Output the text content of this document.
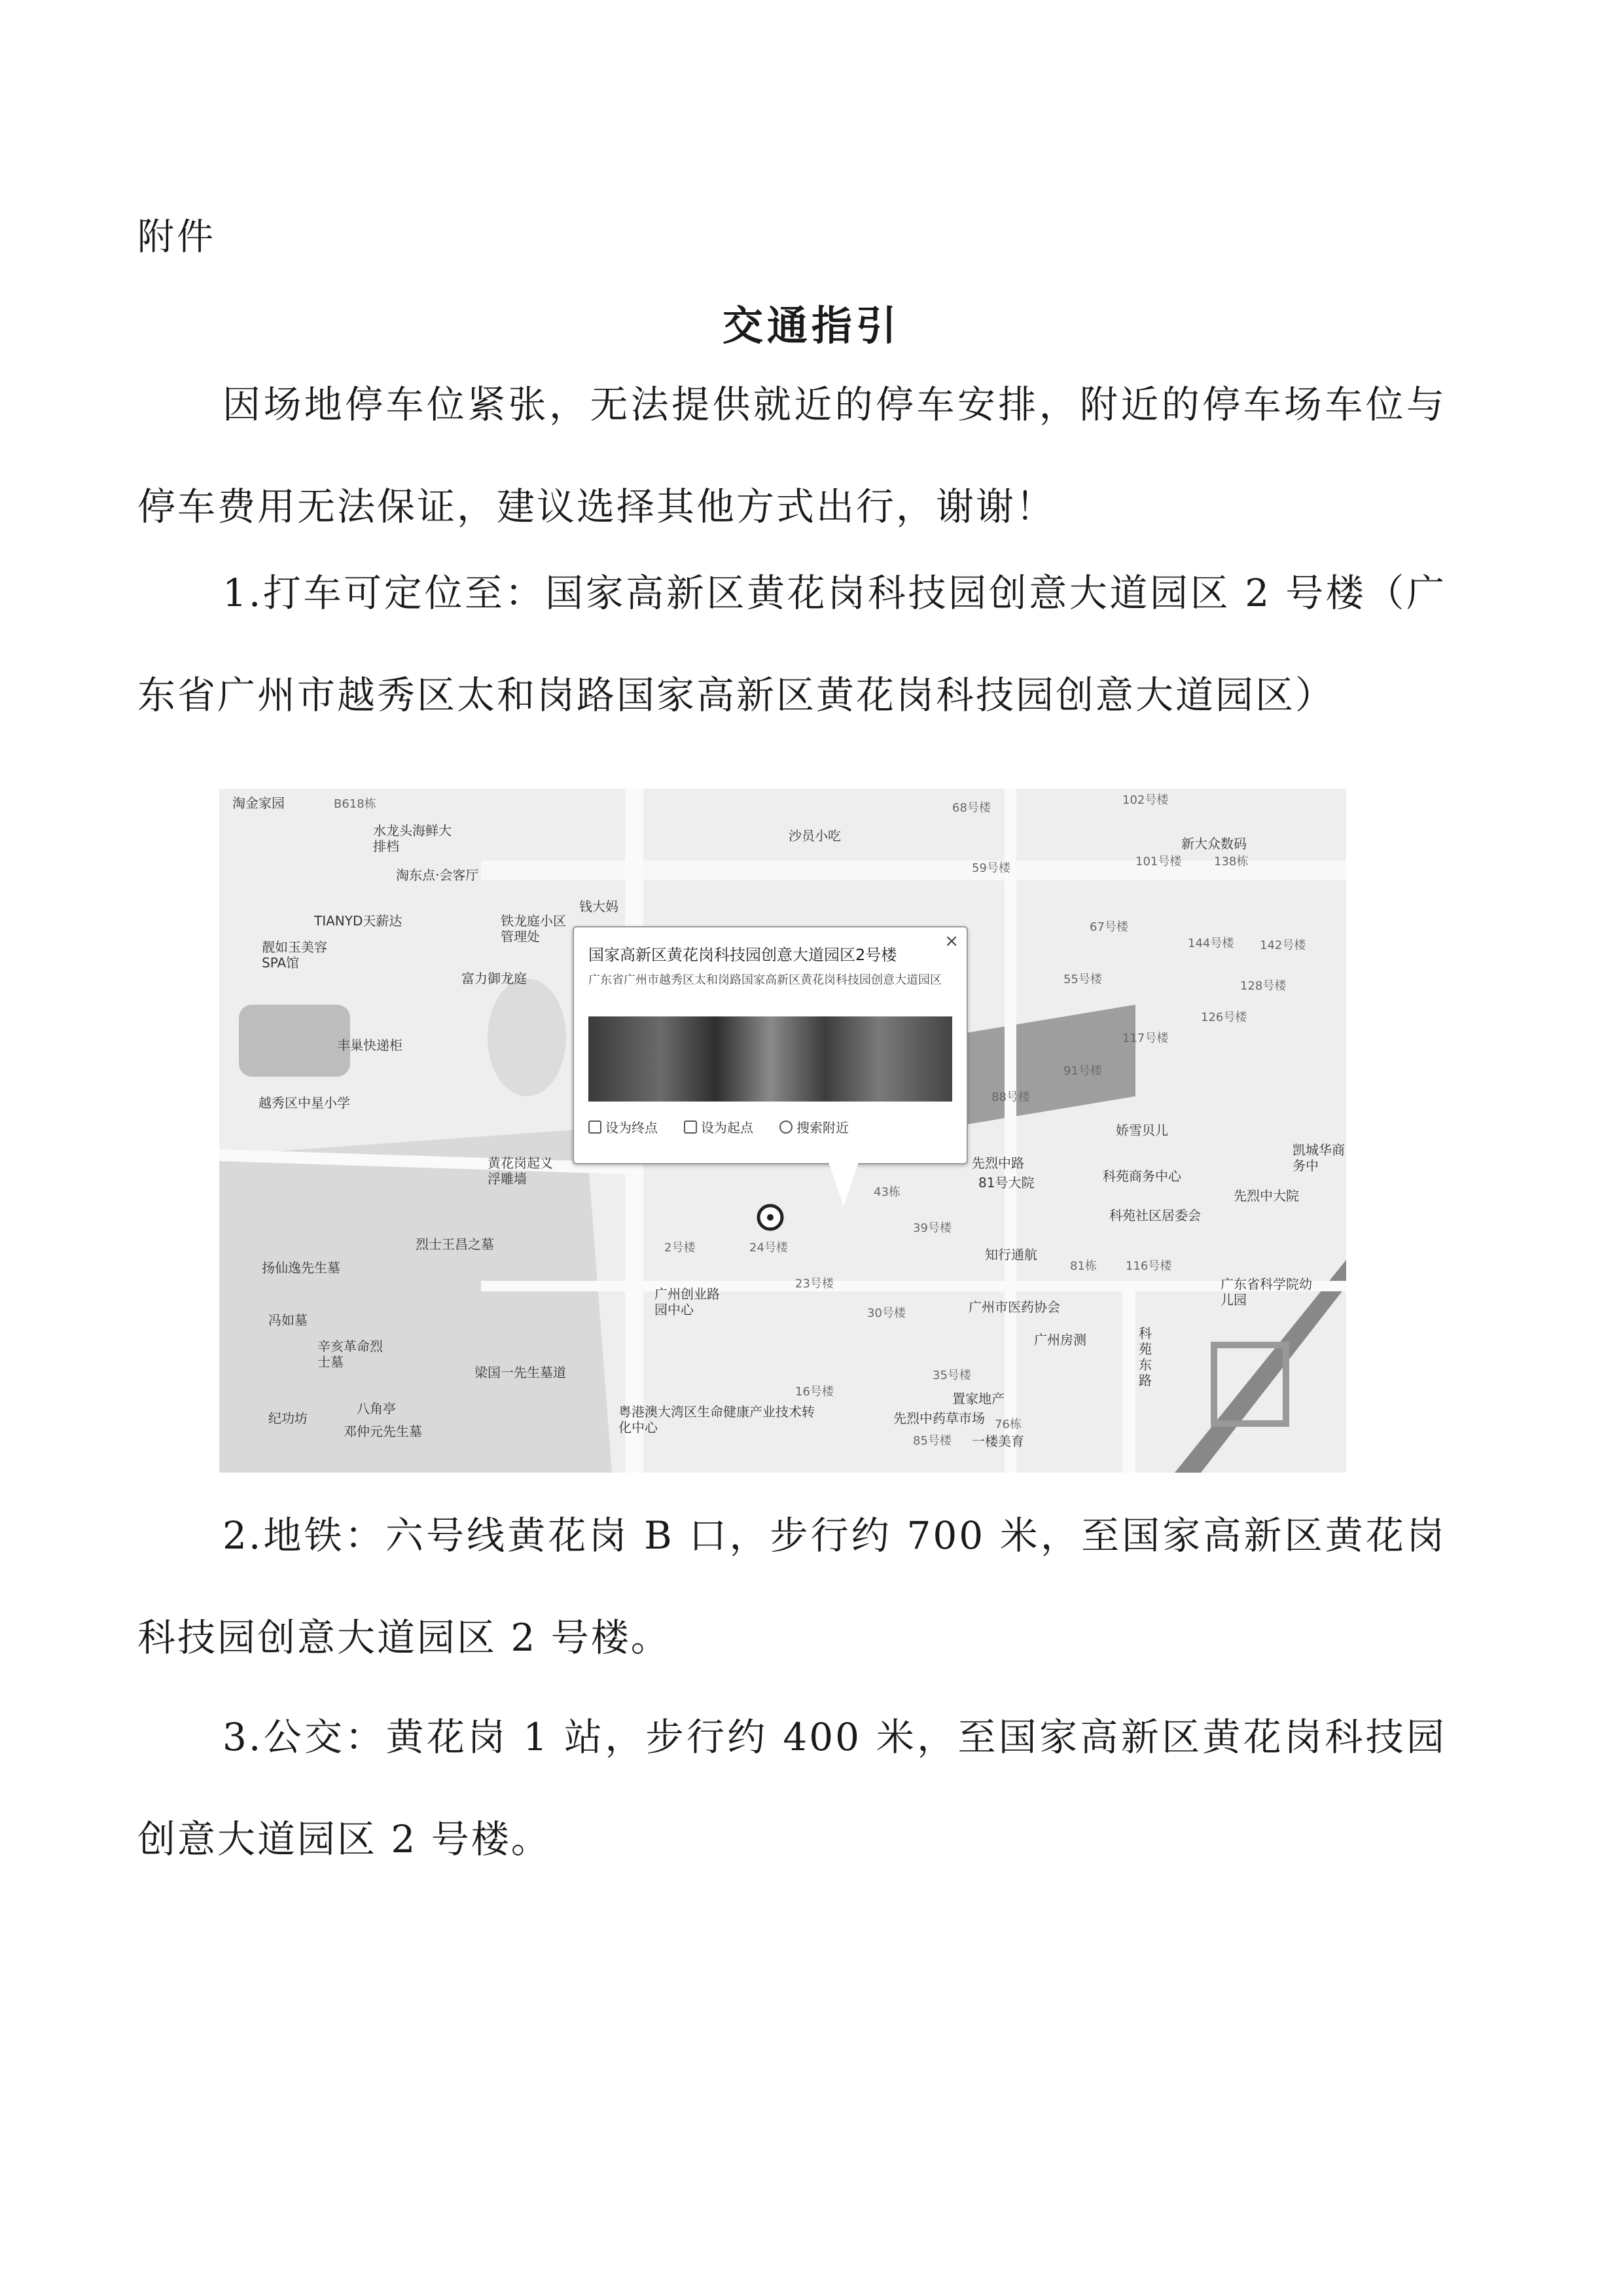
附件
交通指引

因场地停车位紧张，无法提供就近的停车安排，附近的停车场车位与停车费用无法保证，建议选择其他方式出行，谢谢！

1.打车可定位至：国家高新区黄花岗科技园创意大道园区 2 号楼（广东省广州市越秀区太和岗路国家高新区黄花岗科技园创意大道园区）

淘金家园	B618栋
水龙头海鲜大排档
沙员小吃
68号楼
102号楼
淘东点·会客厅
新大众数码
TIANYD天薪达
钱大妈
铁龙庭小区管理处
靓如玉美容SPA馆
富力御龙庭
丰巢快递柜
越秀区中星小学
黄花岗起义浮雕墙
烈士王昌之墓
扬仙逸先生墓
冯如墓
辛亥革命烈士墓
八角亭
纪功坊
邓仲元先生墓
梁国一先生墓道
广州创业路园中心
粤港澳大湾区生命健康产业技术转化中心
知行通航
广州市医药协会
广州房测	科苑东路
先烈中路
科苑商务中心
科苑社区居委会
娇雪贝儿
先烈中大院
凯城华商务中
广东省科学院幼儿园
先烈中药草市场
置家地产
一楼美育
2号楼	24号楼
23号楼
43栋
39号楼
81号大院
116号楼
126号楼
117号楼
91号楼
88号楼
81栋
55号楼
67号楼
144号楼 142号楼
128号楼
59号楼	101号楼	138栋
30号楼
35号楼
16号楼
76栋
85号楼
国家高新区黄花岗科技园创意大道园区2号楼
×
广东省广州市越秀区太和岗路国家高新区黄花岗科技园创意大道园区
设为终点	设为起点	搜索附近

2.地铁：六号线黄花岗 B 口，步行约 700 米，至国家高新区黄花岗科技园创意大道园区 2 号楼。

3.公交：黄花岗 1 站，步行约 400 米，至国家高新区黄花岗科技园创意大道园区 2 号楼。
